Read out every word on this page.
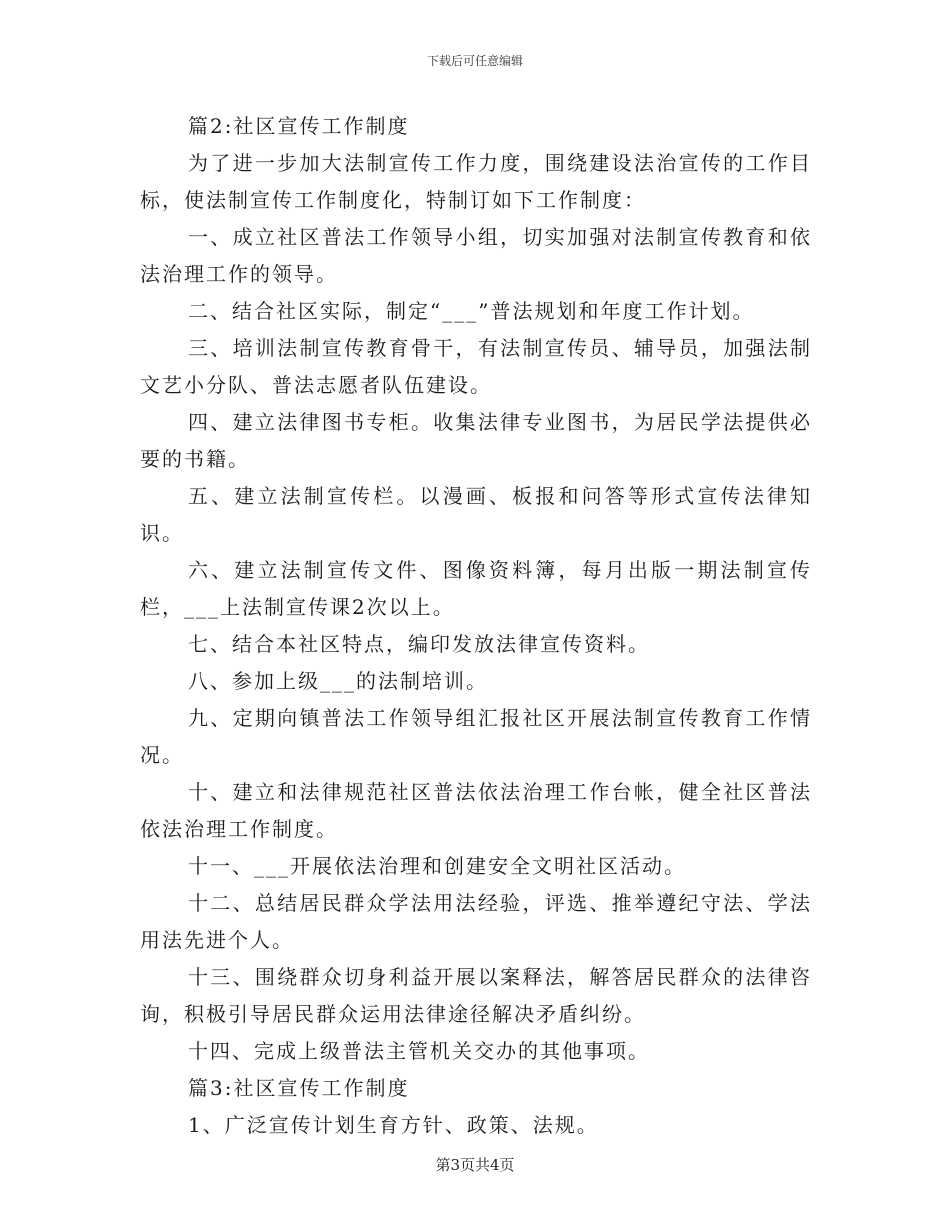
下载后可任意编辑

篇2:社区宣传工作制度

为了进一步加大法制宣传工作力度，围绕建设法治宣传的工作目标，使法制宣传工作制度化，特制订如下工作制度：

一、成立社区普法工作领导小组，切实加强对法制宣传教育和依法治理工作的领导。

二、结合社区实际，制定“___”普法规划和年度工作计划。

三、培训法制宣传教育骨干，有法制宣传员、辅导员，加强法制文艺小分队、普法志愿者队伍建设。

四、建立法律图书专柜。收集法律专业图书，为居民学法提供必要的书籍。

五、建立法制宣传栏。以漫画、板报和问答等形式宣传法律知识。

六、建立法制宣传文件、图像资料簿，每月出版一期法制宣传栏，___上法制宣传课2次以上。

七、结合本社区特点，编印发放法律宣传资料。

八、参加上级___的法制培训。

九、定期向镇普法工作领导组汇报社区开展法制宣传教育工作情况。

十、建立和法律规范社区普法依法治理工作台帐，健全社区普法依法治理工作制度。

十一、___开展依法治理和创建安全文明社区活动。

十二、总结居民群众学法用法经验，评选、推举遵纪守法、学法用法先进个人。

十三、围绕群众切身利益开展以案释法，解答居民群众的法律咨询，积极引导居民群众运用法律途径解决矛盾纠纷。

十四、完成上级普法主管机关交办的其他事项。

篇3:社区宣传工作制度

1、广泛宣传计划生育方针、政策、法规。

第3页共4页
